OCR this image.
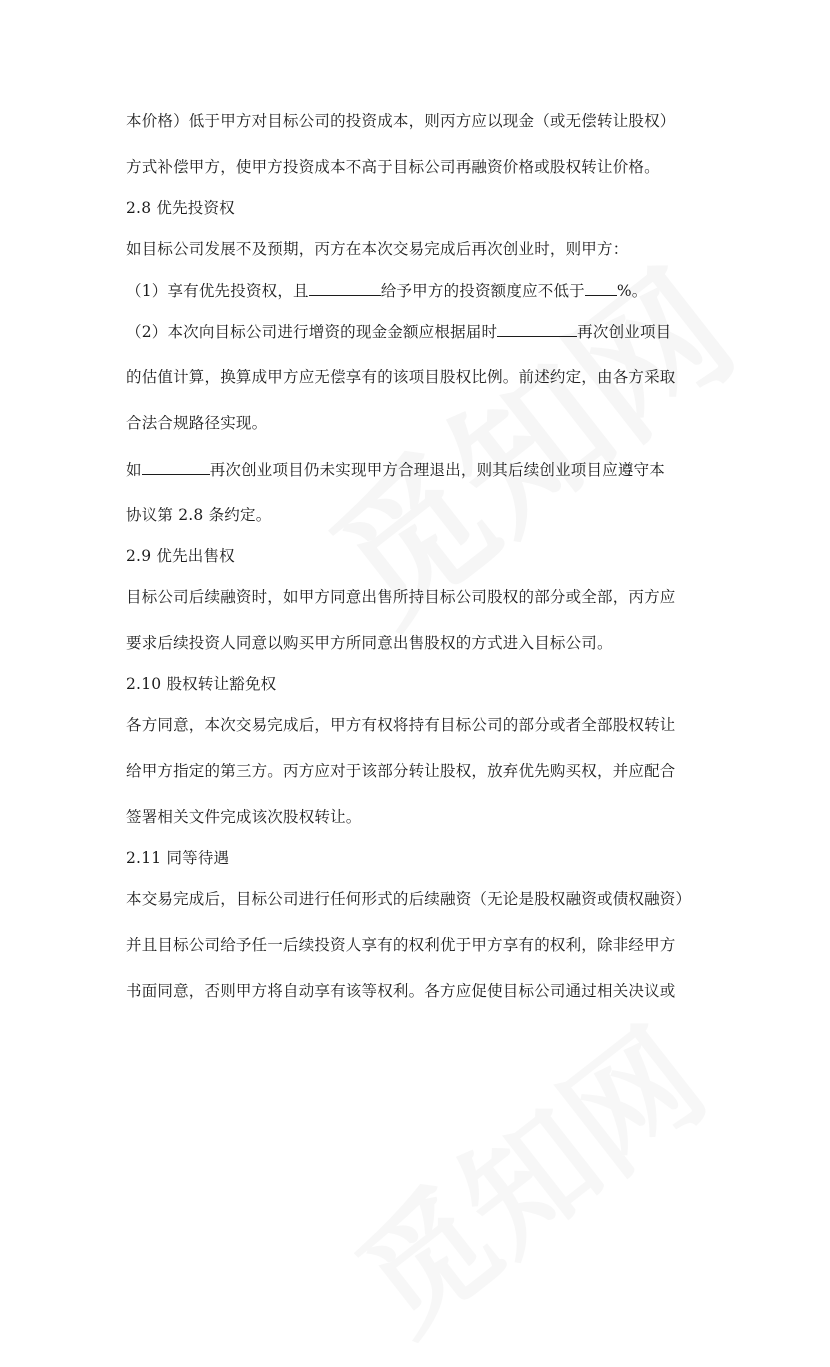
本价格）低于甲方对目标公司的投资成本，则丙方应以现金（或无偿转让股权）
方式补偿甲方，使甲方投资成本不高于目标公司再融资价格或股权转让价格。
2.8 优先投资权
如目标公司发展不及预期，丙方在本次交易完成后再次创业时，则甲方：
（1）享有优先投资权，且	给予甲方的投资额度应不低于 %。
（2）本次向目标公司进行增资的现金金额应根据届时	再次创业项目
的估值计算，换算成甲方应无偿享有的该项目股权比例。前述约定，由各方采取
合法合规路径实现。
如	再次创业项目仍未实现甲方合理退出，则其后续创业项目应遵守本
协议第 2.8 条约定。
2.9 优先出售权
目标公司后续融资时，如甲方同意出售所持目标公司股权的部分或全部，丙方应
要求后续投资人同意以购买甲方所同意出售股权的方式进入目标公司。
2.10 股权转让豁免权
各方同意，本次交易完成后，甲方有权将持有目标公司的部分或者全部股权转让
给甲方指定的第三方。丙方应对于该部分转让股权，放弃优先购买权，并应配合
签署相关文件完成该次股权转让。
2.11 同等待遇
本交易完成后，目标公司进行任何形式的后续融资（无论是股权融资或债权融资）
并且目标公司给予任一后续投资人享有的权利优于甲方享有的权利，除非经甲方
书面同意，否则甲方将自动享有该等权利。各方应促使目标公司通过相关决议或
